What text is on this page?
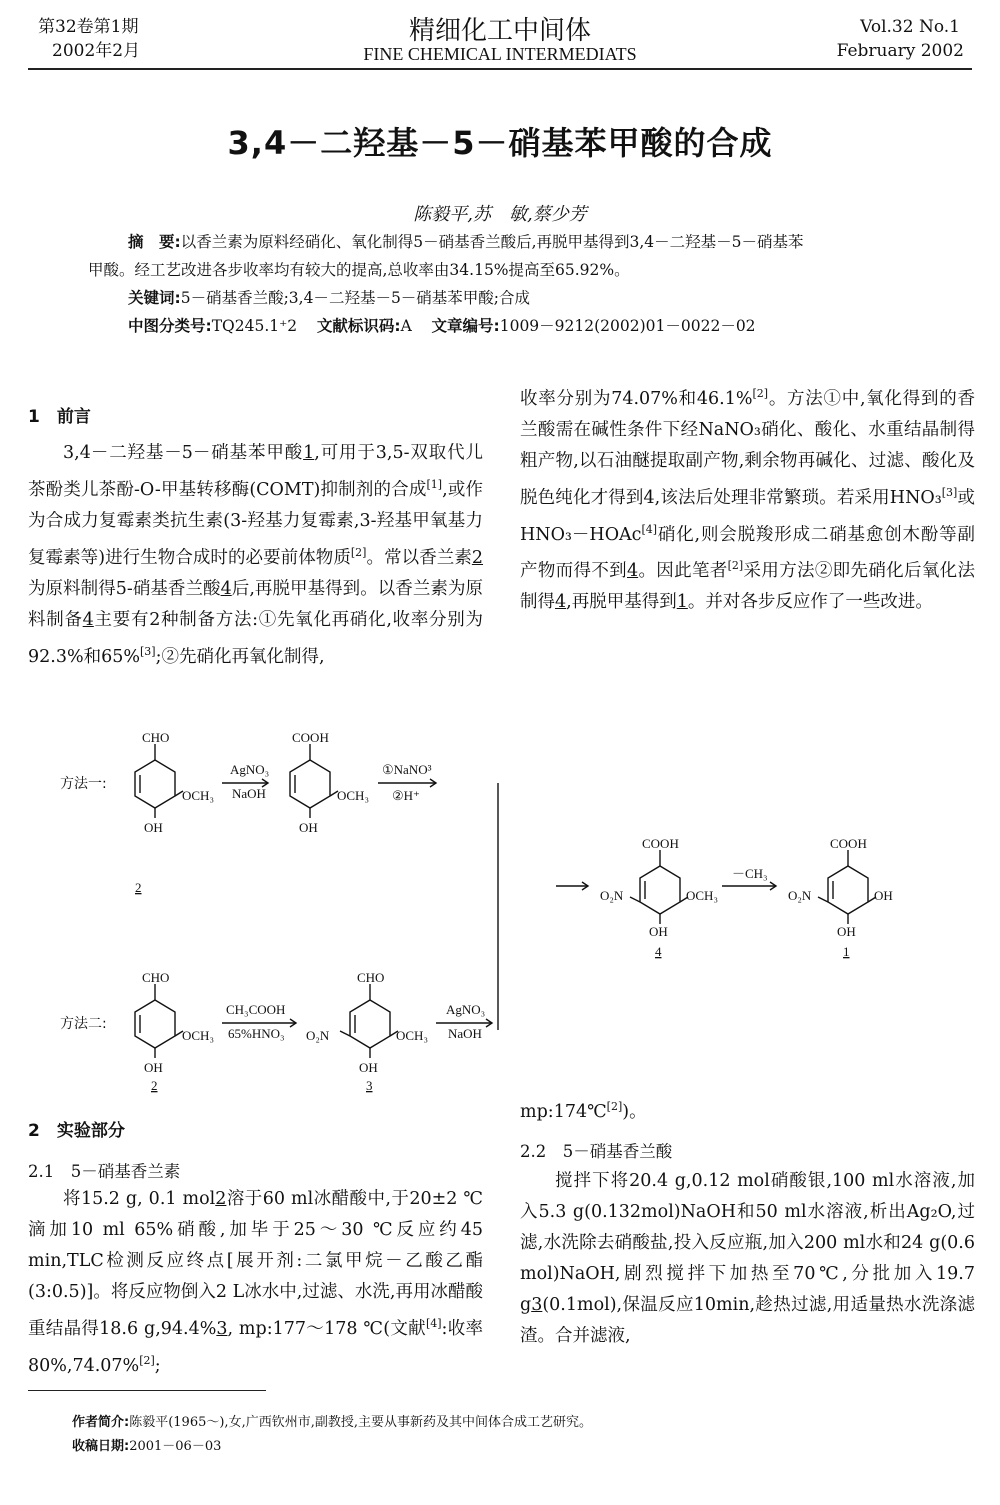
第32卷第1期
2002年2月
精细化工中间体
FINE CHEMICAL INTERMEDIATS
Vol.32 No.1
February 2002
3,4－二羟基－5－硝基苯甲酸的合成
陈毅平,苏　敏,蔡少芳
摘　要:以香兰素为原料经硝化、氧化制得5－硝基香兰酸后,再脱甲基得到3,4－二羟基－5－硝基苯
甲酸。经工艺改进各步收率均有较大的提高,总收率由34.15%提高至65.92%。
关键词:5－硝基香兰酸;3,4－二羟基－5－硝基苯甲酸;合成
中图分类号:TQ245.1⁺2 文献标识码:A 文章编号:1009－9212(2002)01－0022－02
1　前言

3,4－二羟基－5－硝基苯甲酸1,可用于3,5-双取代儿茶酚类儿茶酚-O-甲基转移酶(COMT)抑制剂的合成[1],或作为合成力复霉素类抗生素(3-羟基力复霉素,3-羟基甲氧基力复霉素等)进行生物合成时的必要前体物质[2]。常以香兰素2为原料制得5-硝基香兰酸4后,再脱甲基得到。以香兰素为原料制备4主要有2种制备方法:①先氧化再硝化,收率分别为92.3%和65%[3];②先硝化再氧化制得,

收率分别为74.07%和46.1%[2]。方法①中,氧化得到的香兰酸需在碱性条件下经NaNO₃硝化、酸化、水重结晶制得粗产物,以石油醚提取副产物,剩余物再碱化、过滤、酸化及脱色纯化才得到4,该法后处理非常繁琐。若采用HNO₃[3]或HNO₃－HOAc[4]硝化,则会脱羧形成二硝基愈创木酚等副产物而得不到4。因此笔者[2]采用方法②即先硝化后氧化法制得4,再脱甲基得到1。并对各步反应作了一些改进。

方法一:
方法二:
CHO
OCH₃
OH
AgNO₃
NaOH
COOH
OCH₃
OH
①NaNO³
②H⁺
2
COOH
O₂N	OCH₃
OH
4
－CH₃
COOH
O₂N	OH
OH
1
CHO
OCH₃
OH
2
CH₃COOH
65%HNO₃
CHO
O₂N	OCH₃
OH
3
AgNO₃
NaOH
2　实验部分
2.1　5－硝基香兰素

将15.2 g, 0.1 mol2溶于60 ml冰醋酸中,于20±2 ℃滴加10 ml 65%硝酸,加毕于25～30 ℃反应约45 min,TLC检测反应终点[展开剂:二氯甲烷－乙酸乙酯(3:0.5)]。将反应物倒入2 L冰水中,过滤、水洗,再用冰醋酸重结晶得18.6 g,94.4%3, mp:177～178 ℃(文献[4]:收率80%,74.07%[2];

mp:174℃[2])。
2.2　5－硝基香兰酸

搅拌下将20.4 g,0.12 mol硝酸银,100 ml水溶液,加入5.3 g(0.132mol)NaOH和50 ml水溶液,析出Ag₂O,过滤,水洗除去硝酸盐,投入反应瓶,加入200 ml水和24 g(0.6 mol)NaOH,剧烈搅拌下加热至70℃,分批加入19.7 g3(0.1mol),保温反应10min,趁热过滤,用适量热水洗涤滤渣。合并滤液,

作者简介:陈毅平(1965～),女,广西钦州市,副教授,主要从事新药及其中间体合成工艺研究。
收稿日期:2001－06－03
